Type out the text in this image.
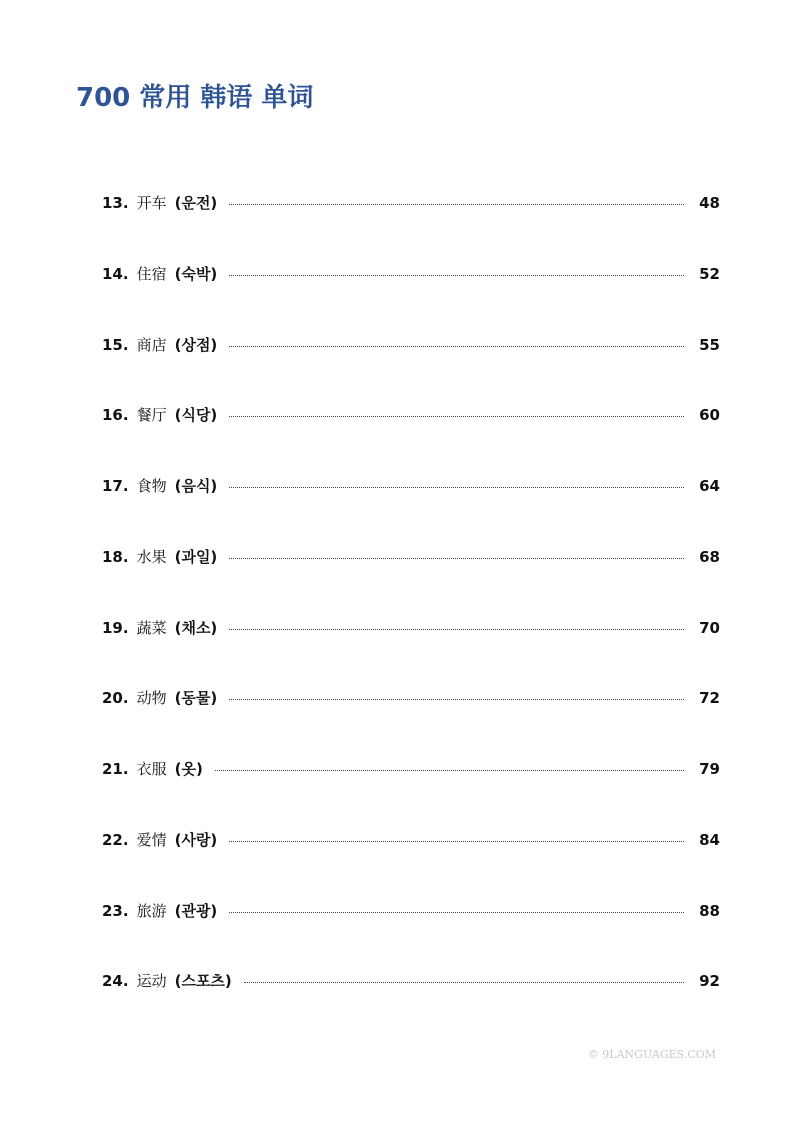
700 常用 韩语 单词
13. 开车 (운전)	48
14. 住宿 (숙박)	52
15. 商店 (상점)	55
16. 餐厅 (식당)	60
17. 食物 (음식)	64
18. 水果 (과일)	68
19. 蔬菜 (채소)	70
20. 动物 (동물)	72
21. 衣服 (옷)	79
22. 爱情 (사랑)	84
23. 旅游 (관광)	88
24. 运动 (스포츠)	92
© 9LANGUAGES.COM
